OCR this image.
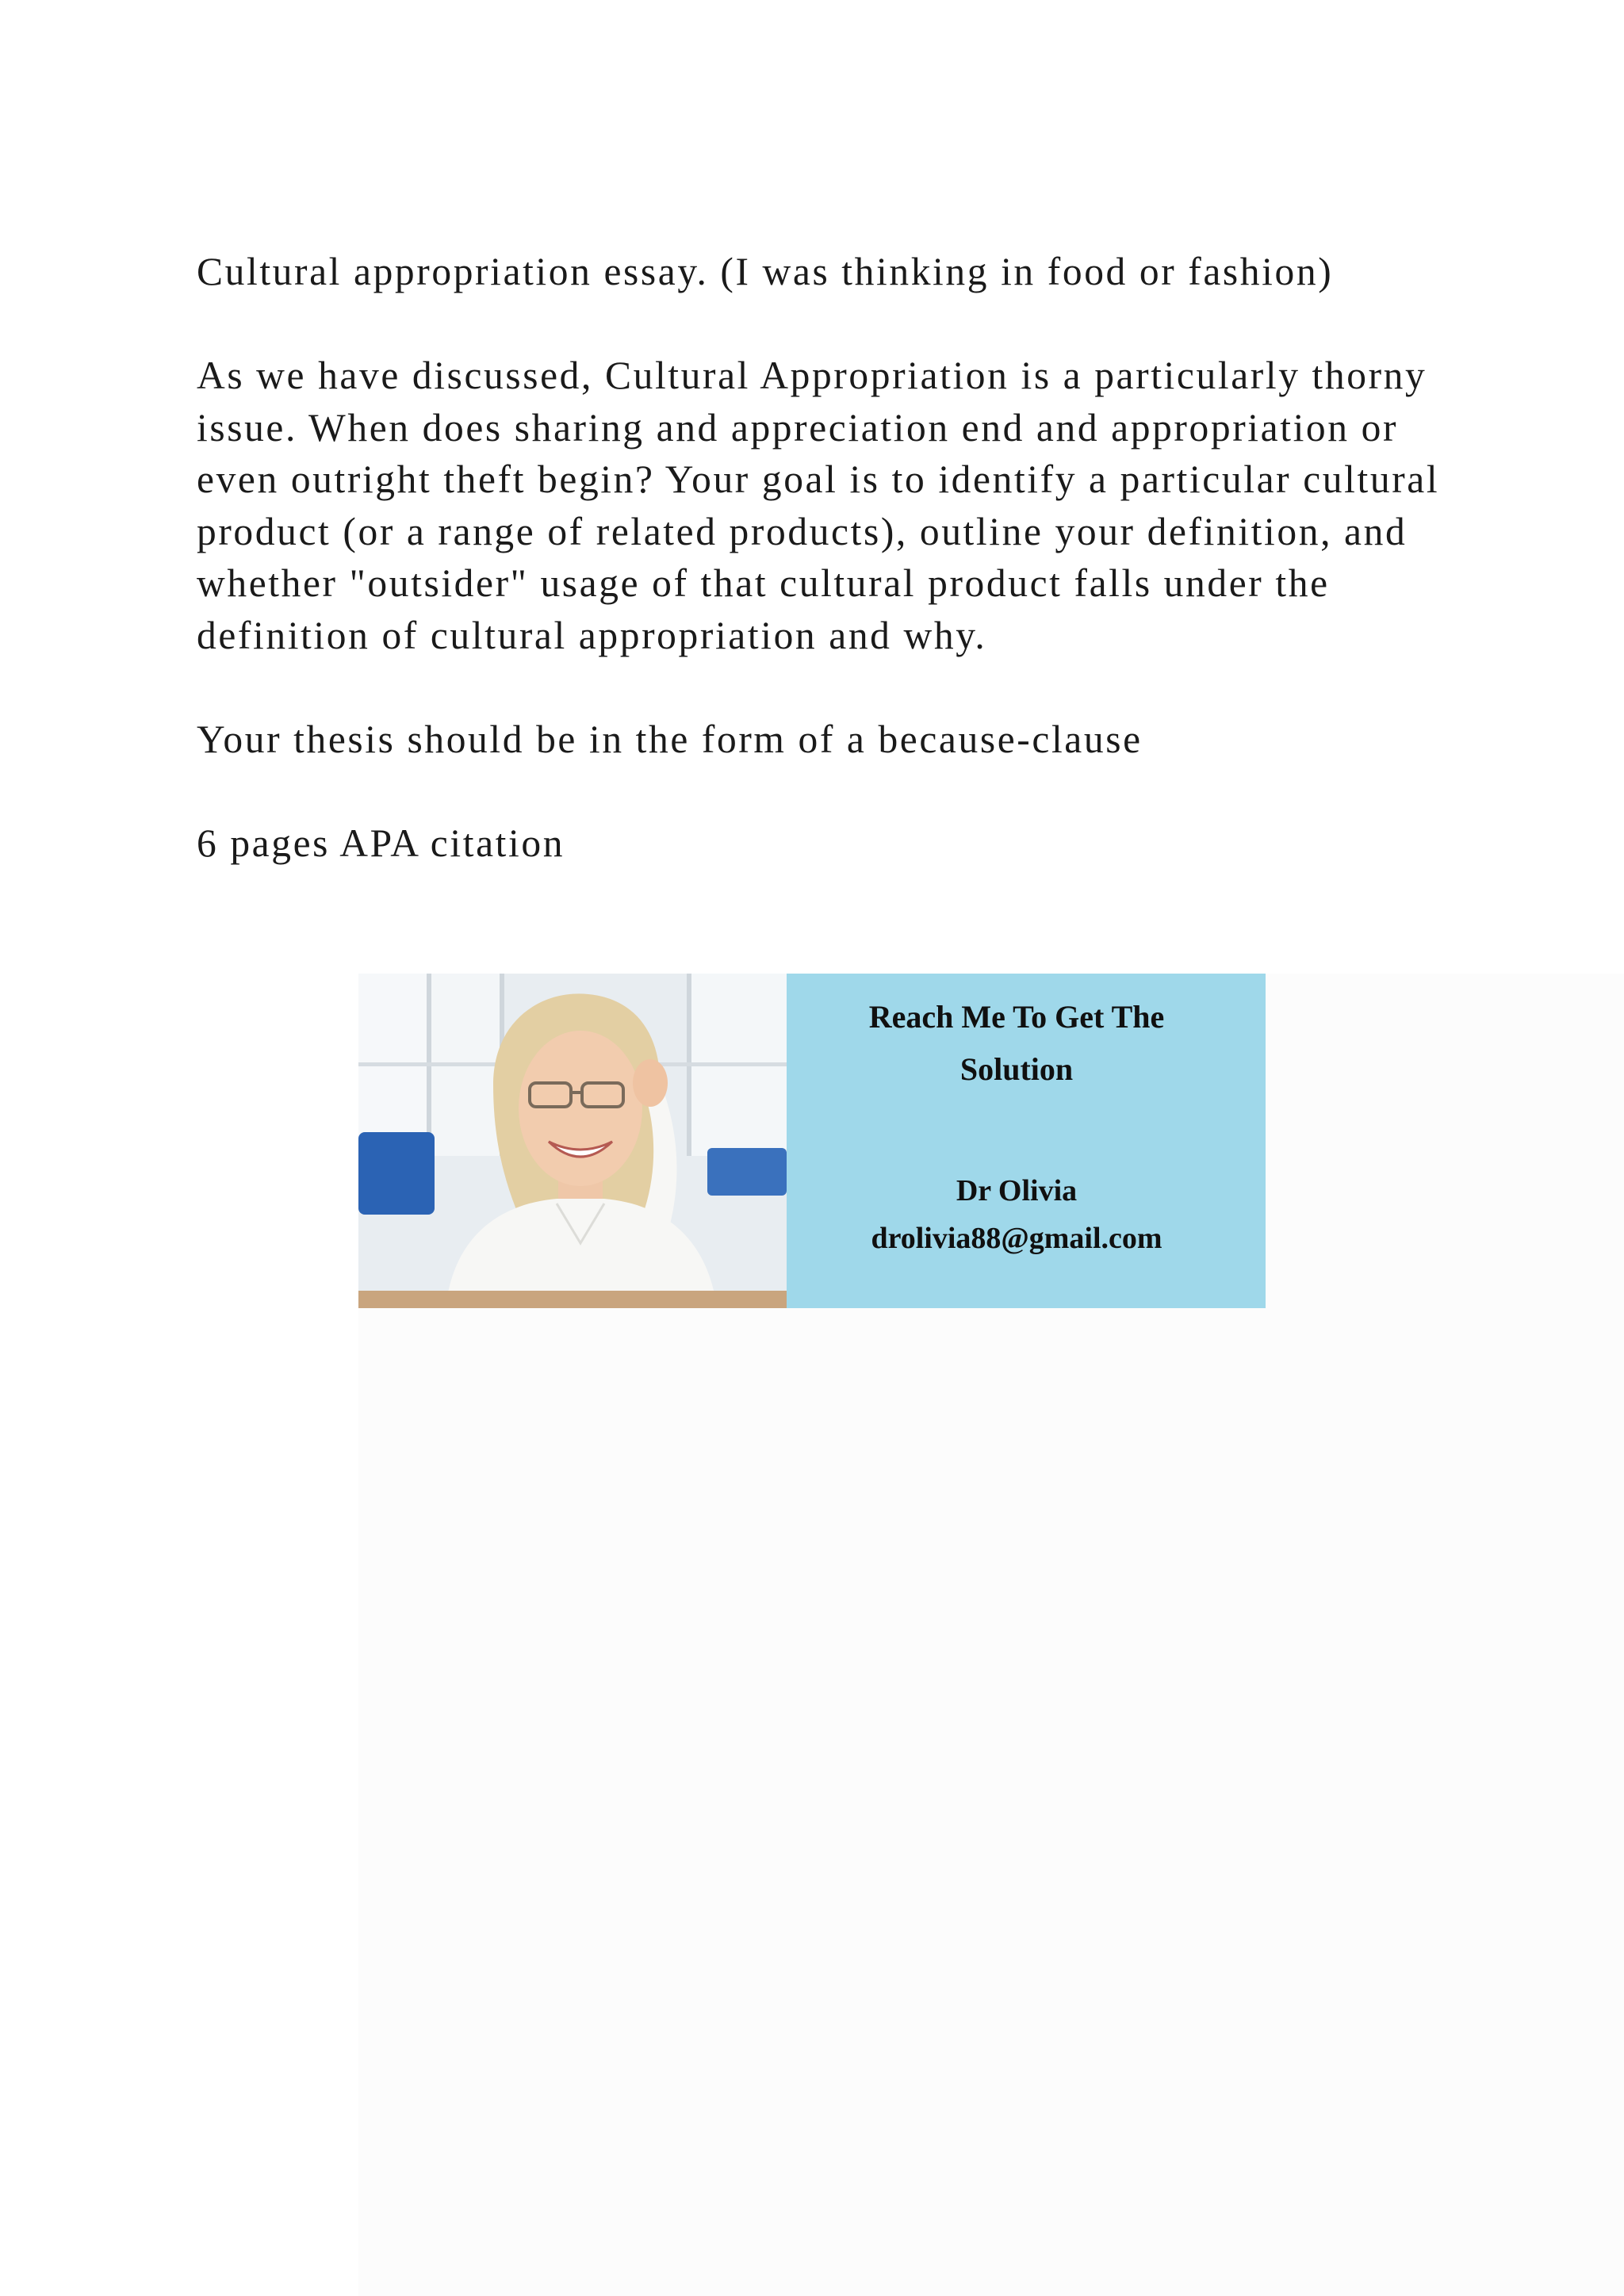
Cultural appropriation essay. (I was thinking in food or fashion)

As we have discussed, Cultural Appropriation is a particularly thorny issue. When does sharing and appreciation end and appropriation or even outright theft begin? Your goal is to identify a particular cultural product (or a range of related products), outline your definition, and whether "outsider" usage of that cultural product falls under the definition of cultural appropriation and why.

Your thesis should be in the form of a because-clause

6 pages APA citation

Reach Me To Get The Solution
Dr Olivia
drolivia88@gmail.com
